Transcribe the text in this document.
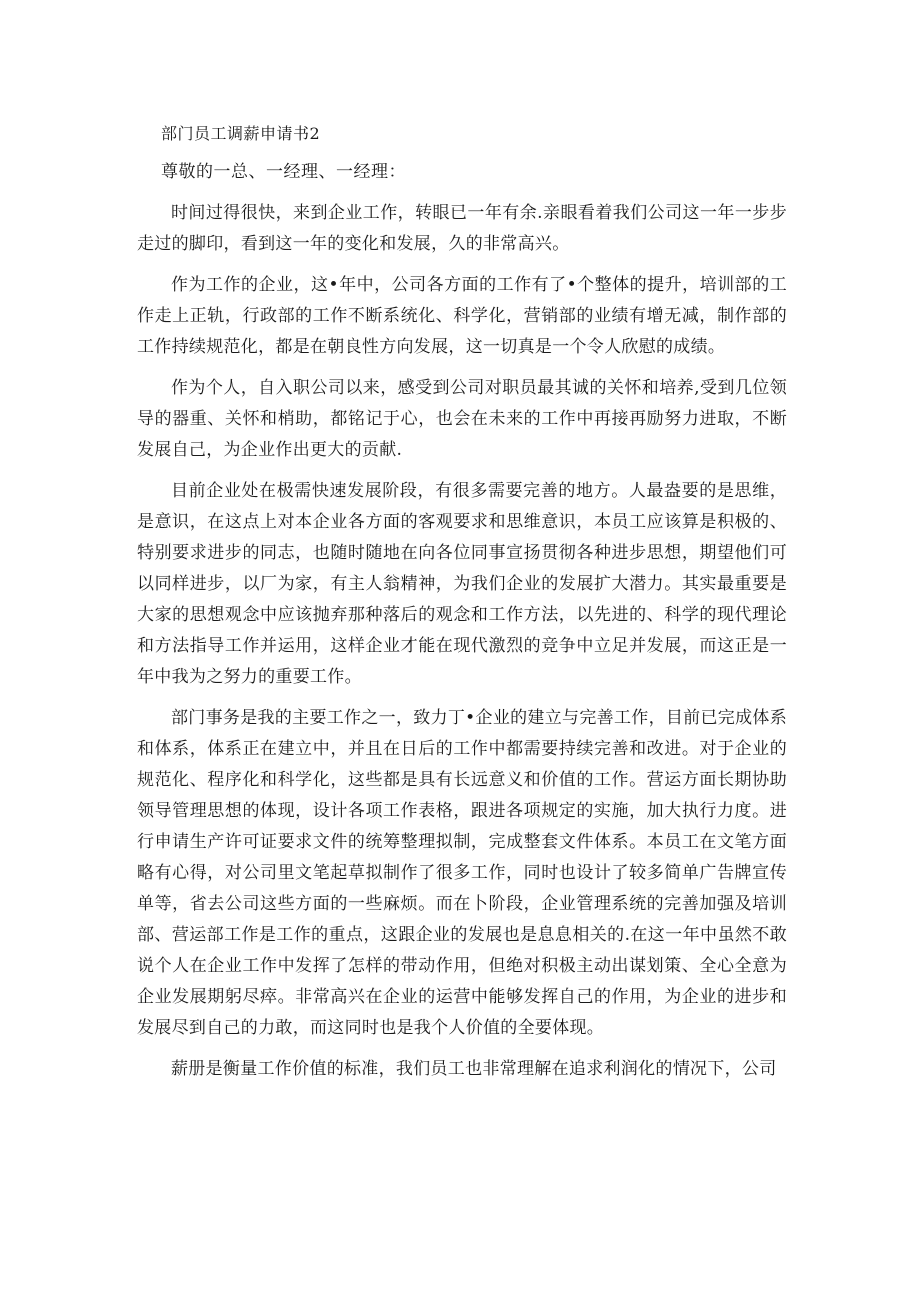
部门员工调薪申请书2
尊敬的一总、一经理、一经理：

时间过得很快，来到企业工作，转眼已一年有余.亲眼看着我们公司这一年一步步走过的脚印，看到这一年的变化和发展，久的非常高兴。

作为工作的企业，这•年中，公司各方面的工作有了•个整体的提升，培训部的工作走上正轨，行政部的工作不断系统化、科学化，营销部的业绩有增无减，制作部的工作持续规范化，都是在朝良性方向发展，这一切真是一个令人欣慰的成绩。

作为个人，自入职公司以来，感受到公司对职员最其诚的关怀和培养,受到几位领导的器重、关怀和梢助，都铭记于心，也会在未来的工作中再接再励努力进取，不断发展自己，为企业作出更大的贡献.

目前企业处在极需快速发展阶段，有很多需要完善的地方。人最盎要的是思维，是意识，在这点上对本企业各方面的客观要求和思维意识，本员工应该算是积极的、特别要求进步的同志，也随时随地在向各位同事宣扬贯彻各种进步思想，期望他们可以同样进步，以厂为家，有主人翁精神，为我们企业的发展扩大潜力。其实最重要是大家的思想观念中应该抛弃那种落后的观念和工作方法，以先进的、科学的现代理论和方法指导工作并运用，这样企业才能在现代激烈的竞争中立足并发展，而这正是一年中我为之努力的重要工作。

部门事务是我的主要工作之一，致力丁•企业的建立与完善工作，目前已完成体系和体系，体系正在建立中，并且在日后的工作中都需要持续完善和改进。对于企业的规范化、程序化和科学化，这些都是具有长远意义和价值的工作。营运方面长期协助领导管理思想的体现，设计各项工作表格，跟进各项规定的实施，加大执行力度。进行申请生产许可证要求文件的统筹整理拟制，完成整套文件体系。本员工在文笔方面略有心得，对公司里文笔起草拟制作了很多工作，同时也设计了较多简单广告牌宣传单等，省去公司这些方面的一些麻烦。而在卜阶段，企业管理系统的完善加强及培训部、营运部工作是工作的重点，这跟企业的发展也是息息相关的.在这一年中虽然不敢说个人在企业工作中发挥了怎样的带动作用，但绝对积极主动出谋划策、全心全意为企业发展期躬尽瘁。非常高兴在企业的运营中能够发挥自己的作用，为企业的进步和发展尽到自己的力敢，而这同时也是我个人价值的全要体现。

薪册是衡量工作价值的标准，我们员工也非常理解在追求利润化的情况下，公司
